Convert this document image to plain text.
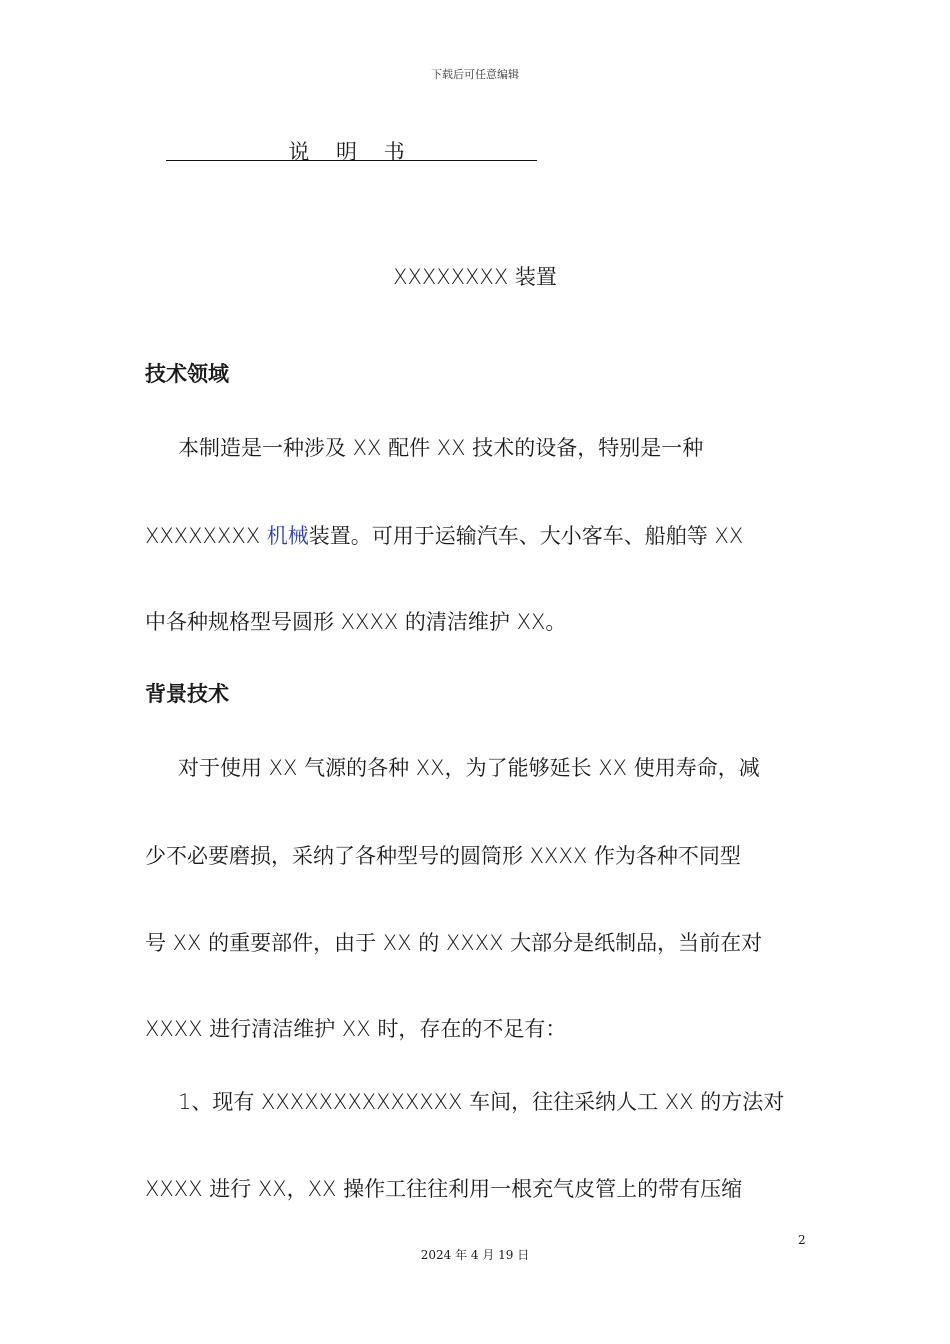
下载后可任意编辑
说 明 书
XXXXXXXX 装置
技术领域
本制造是一种涉及 XX 配件 XX 技术的设备，特别是一种
XXXXXXXX 机械装置。可用于运输汽车、大小客车、船舶等 XX
中各种规格型号圆形 XXXX 的清洁维护 XX。
背景技术
对于使用 XX 气源的各种 XX，为了能够延长 XX 使用寿命，减
少不必要磨损，采纳了各种型号的圆筒形 XXXX 作为各种不同型
号 XX 的重要部件，由于 XX 的 XXXX 大部分是纸制品，当前在对
XXXX 进行清洁维护 XX 时，存在的不足有：
1、现有 XXXXXXXXXXXXXX 车间，往往采纳人工 XX 的方法对
XXXX 进行 XX，XX 操作工往往利用一根充气皮管上的带有压缩
2
2024 年 4 月 19 日
